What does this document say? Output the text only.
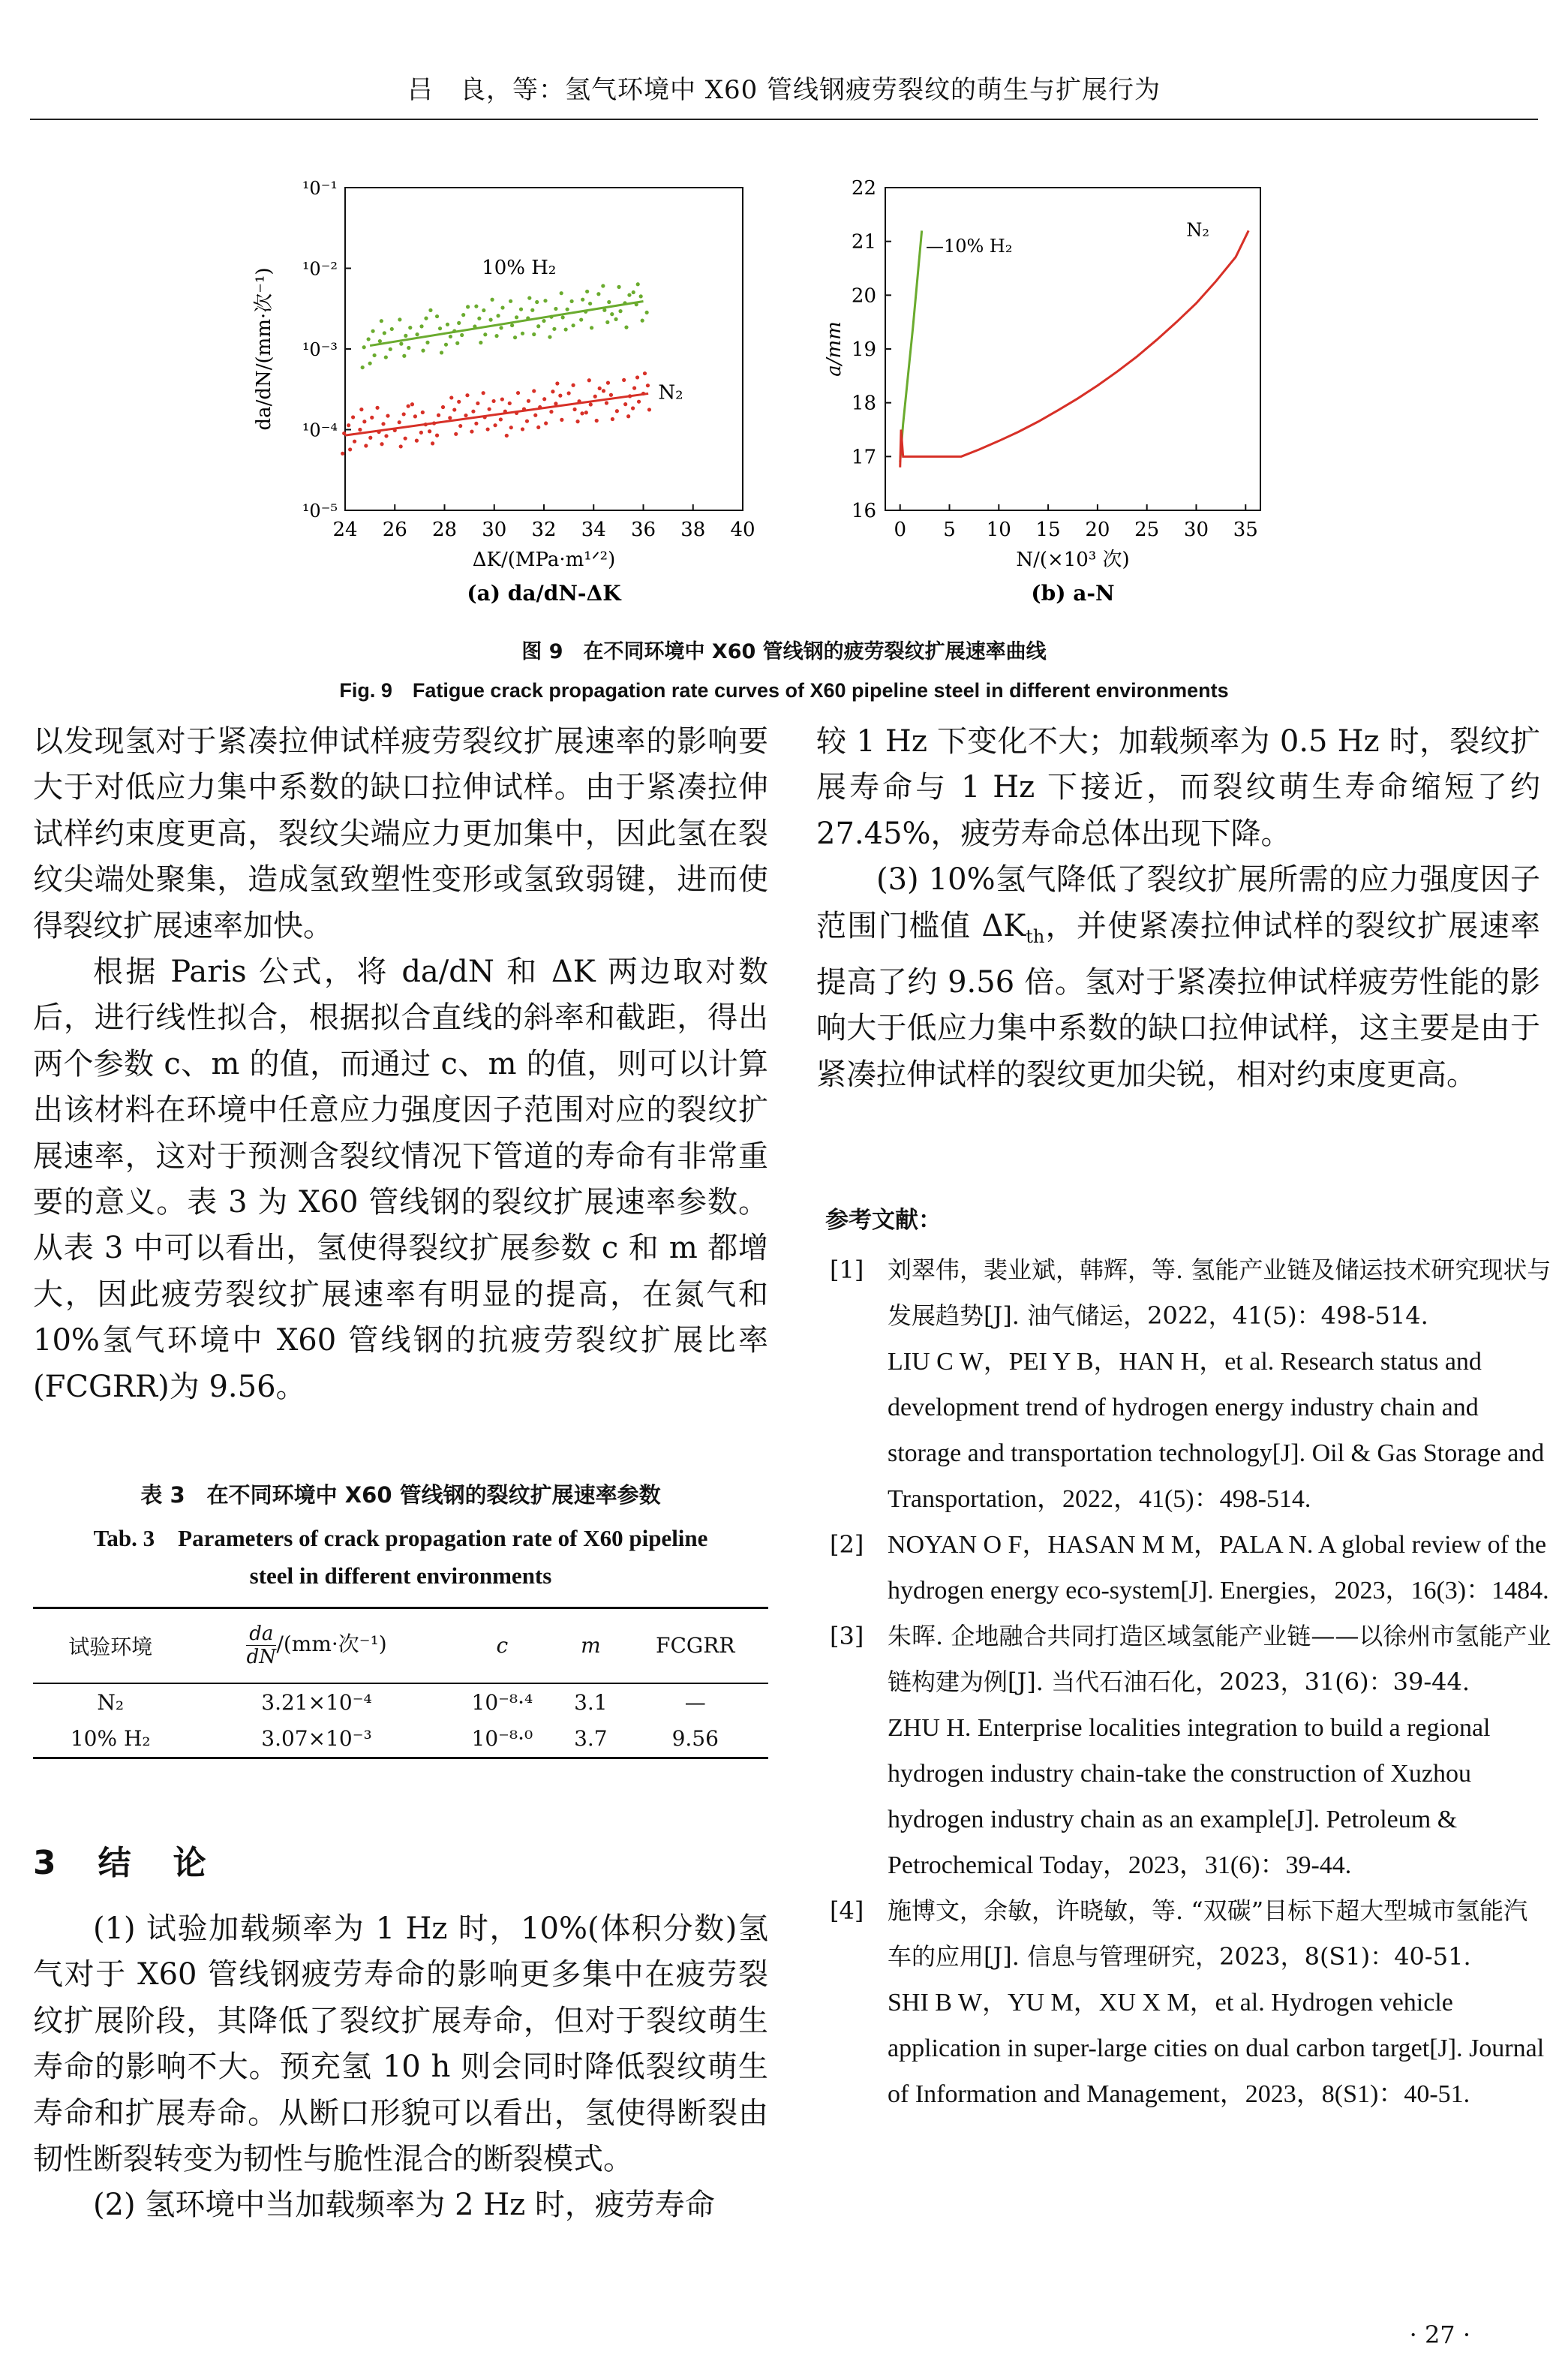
吕　良，等：氢气环境中 X60 管线钢疲劳裂纹的萌生与扩展行为
24 26 28 30 32 34 36 38 40
¹0⁻⁵
¹0⁻⁴
¹0⁻³
¹0⁻²
¹0⁻¹
ΔK/(MPa·m¹ᐟ²)
da/dN/(mm·次⁻¹)
(a) da/dN-ΔK
10% H₂
N₂
0 5 10 15 20 25 30 35
16
17
18
19
20
21
22
N/(×10³ 次)
a/mm
(b) a-N
—10% H₂
N₂
图 9　在不同环境中 X60 管线钢的疲劳裂纹扩展速率曲线
Fig. 9　Fatigue crack propagation rate curves of X60 pipeline steel in different environments

以发现氢对于紧凑拉伸试样疲劳裂纹扩展速率的影响要大于对低应力集中系数的缺口拉伸试样。由于紧凑拉伸试样约束度更高，裂纹尖端应力更加集中，因此氢在裂纹尖端处聚集，造成氢致塑性变形或氢致弱键，进而使得裂纹扩展速率加快。

根据 Paris 公式，将 da/dN 和 ΔK 两边取对数后，进行线性拟合，根据拟合直线的斜率和截距，得出两个参数 c、m 的值，而通过 c、m 的值，则可以计算出该材料在环境中任意应力强度因子范围对应的裂纹扩展速率，这对于预测含裂纹情况下管道的寿命有非常重要的意义。表 3 为 X60 管线钢的裂纹扩展速率参数。从表 3 中可以看出，氢使得裂纹扩展参数 c 和 m 都增大，因此疲劳裂纹扩展速率有明显的提高，在氮气和 10%氢气环境中 X60 管线钢的抗疲劳裂纹扩展比率(FCGRR)为 9.56。

表 3　在不同环境中 X60 管线钢的裂纹扩展速率参数
Tab. 3　Parameters of crack propagation rate of X60 pipeline
steel in different environments
试验环境	$\frac{da}{dN} /(mm\cdot$次⁻¹)	c	m	FCGRR
N₂	3.21×10⁻⁴	10⁻⁸·⁴	3.1	—
10% H₂	3.07×10⁻³	10⁻⁸·⁰	3.7	9.56
3　结　论

(1) 试验加载频率为 1 Hz 时，10%(体积分数)氢气对于 X60 管线钢疲劳寿命的影响更多集中在疲劳裂纹扩展阶段，其降低了裂纹扩展寿命，但对于裂纹萌生寿命的影响不大。预充氢 10 h 则会同时降低裂纹萌生寿命和扩展寿命。从断口形貌可以看出，氢使得断裂由韧性断裂转变为韧性与脆性混合的断裂模式。

(2) 氢环境中当加载频率为 2 Hz 时，疲劳寿命

较 1 Hz 下变化不大；加载频率为 0.5 Hz 时，裂纹扩展寿命与 1 Hz 下接近，而裂纹萌生寿命缩短了约 27.45%，疲劳寿命总体出现下降。

(3) 10%氢气降低了裂纹扩展所需的应力强度因子范围门槛值 $\Delta K_{th}$，并使紧凑拉伸试样的裂纹扩展速率提高了约 9.56 倍。氢对于紧凑拉伸试样疲劳性能的影响大于低应力集中系数的缺口拉伸试样，这主要是由于紧凑拉伸试样的裂纹更加尖锐，相对约束度更高。

参考文献：
[1] 刘翠伟，裴业斌，韩辉，等. 氢能产业链及储运技术研究现状与发展趋势[J]. 油气储运，2022，41(5)：498-514.
LIU C W，PEI Y B，HAN H，et al. Research status and development trend of hydrogen energy industry chain and storage and transportation technology[J]. Oil & Gas Storage and Transportation，2022，41(5)：498-514.
[2] NOYAN O F，HASAN M M，PALA N. A global review of the hydrogen energy eco-system[J]. Energies，2023，16(3)：1484.
[3] 朱晖. 企地融合共同打造区域氢能产业链——以徐州市氢能产业链构建为例[J]. 当代石油石化，2023，31(6)：39-44.
ZHU H. Enterprise localities integration to build a regional hydrogen industry chain-take the construction of Xuzhou hydrogen industry chain as an example[J]. Petroleum & Petrochemical Today，2023，31(6)：39-44.
[4] 施博文，余敏，许晓敏，等. “双碳”目标下超大型城市氢能汽车的应用[J]. 信息与管理研究，2023，8(S1)：40-51.
SHI B W，YU M，XU X M，et al. Hydrogen vehicle application in super-large cities on dual carbon target[J]. Journal of Information and Management，2023，8(S1)：40-51.
· 27 ·
